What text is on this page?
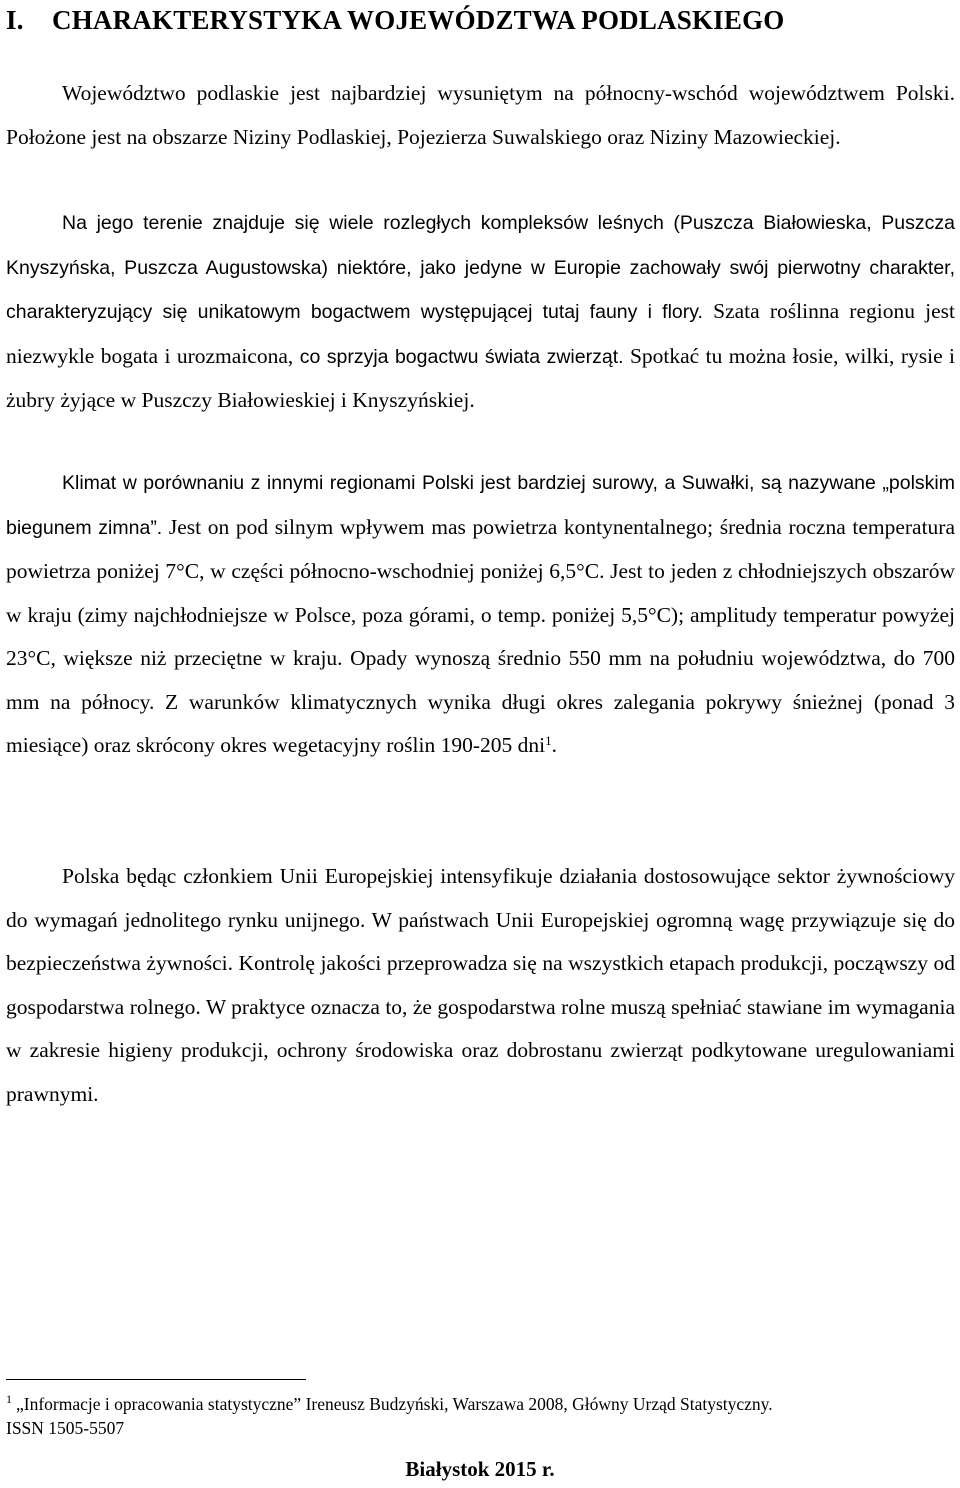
I. CHARAKTERYSTYKA WOJEWÓDZTWA PODLASKIEGO

Województwo podlaskie jest najbardziej wysuniętym na północny-wschód województwem Polski. Położone jest na obszarze Niziny Podlaskiej, Pojezierza Suwalskiego oraz Niziny Mazowieckiej.

Na jego terenie znajduje się wiele rozległych kompleksów leśnych (Puszcza Białowieska, Puszcza Knyszyńska, Puszcza Augustowska) niektóre, jako jedyne w Europie zachowały swój pierwotny charakter, charakteryzujący się unikatowym bogactwem występującej tutaj fauny i flory. Szata roślinna regionu jest niezwykle bogata i urozmaicona, co sprzyja bogactwu świata zwierząt. Spotkać tu można łosie, wilki, rysie i żubry żyjące w Puszczy Białowieskiej i Knyszyńskiej.

Klimat w porównaniu z innymi regionami Polski jest bardziej surowy, a Suwałki, są nazywane „polskim biegunem zimna”. Jest on pod silnym wpływem mas powietrza kontynentalnego; średnia roczna temperatura powietrza poniżej 7°C, w części północno-wschodniej poniżej 6,5°C. Jest to jeden z chłodniejszych obszarów w kraju (zimy najchłodniejsze w Polsce, poza górami, o temp. poniżej 5,5°C); amplitudy temperatur powyżej 23°C, większe niż przeciętne w kraju. Opady wynoszą średnio 550 mm na południu województwa, do 700 mm na północy. Z warunków klimatycznych wynika długi okres zalegania pokrywy śnieżnej (ponad 3 miesiące) oraz skrócony okres wegetacyjny roślin 190-205 dni$^1$.

Polska będąc członkiem Unii Europejskiej intensyfikuje działania dostosowujące sektor żywnościowy do wymagań jednolitego rynku unijnego. W państwach Unii Europejskiej ogromną wagę przywiązuje się do bezpieczeństwa żywności. Kontrolę jakości przeprowadza się na wszystkich etapach produkcji, począwszy od gospodarstwa rolnego. W praktyce oznacza to, że gospodarstwa rolne muszą spełniać stawiane im wymagania w zakresie higieny produkcji, ochrony środowiska oraz dobrostanu zwierząt podkytowane uregulowaniami prawnymi.

$^1$ „Informacje i opracowania statystyczne” Ireneusz Budzyński, Warszawa 2008, Główny Urząd Statystyczny.
ISSN 1505-5507

Białystok 2015 r.
